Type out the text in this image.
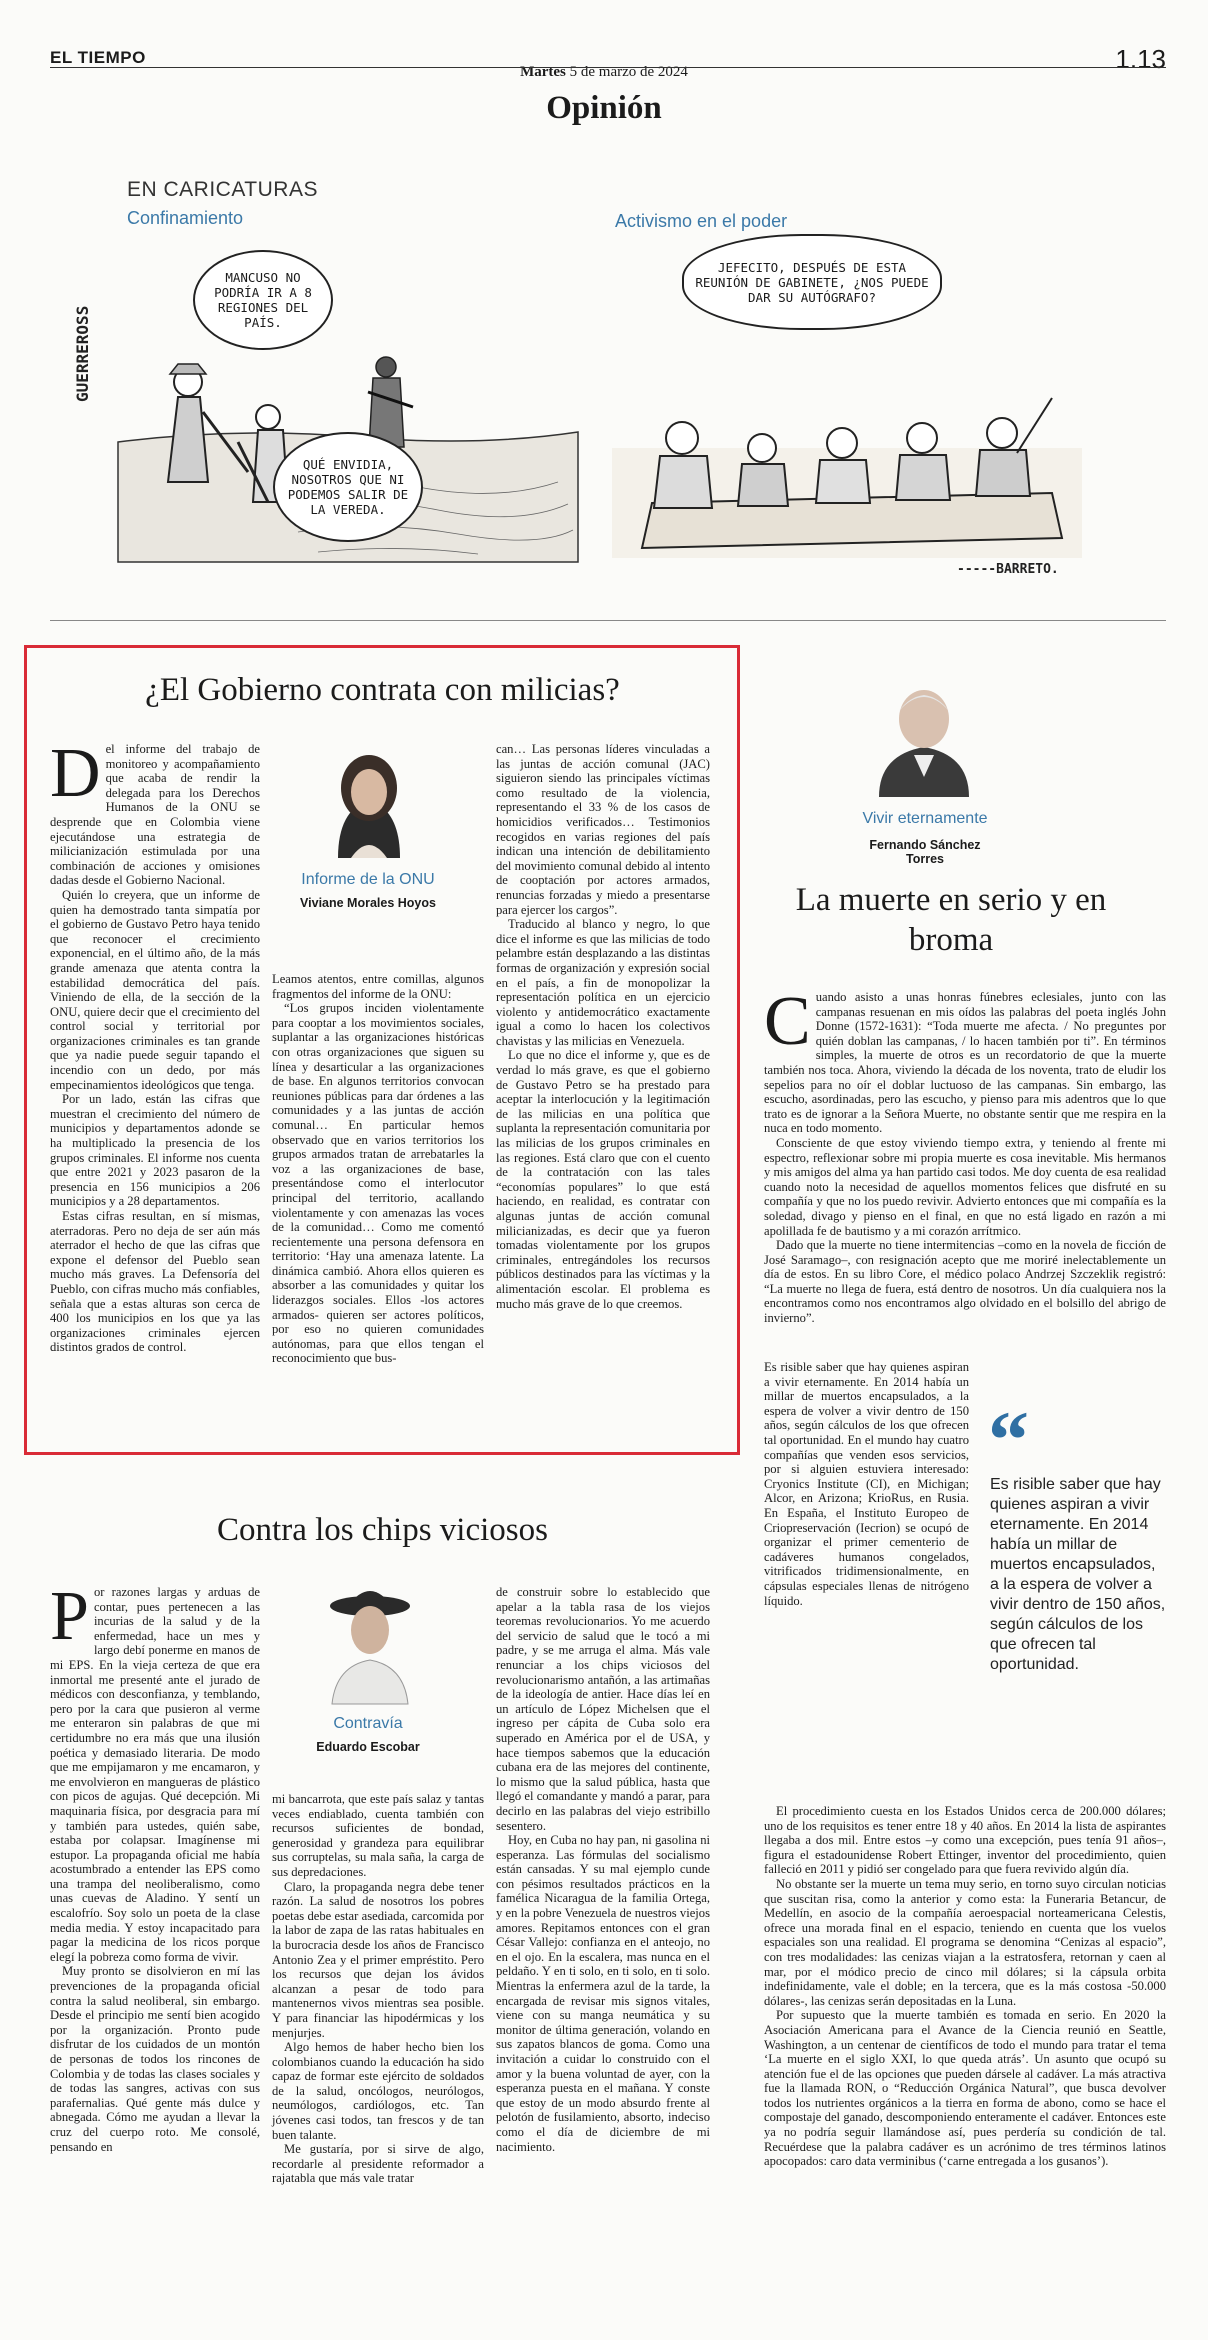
EL TIEMPO
Martes 5 de marzo de 2024	1.13
Opinión
EN CARICATURAS
Confinamiento	Activismo en el poder
GUERREROSS
MANCUSO NO PODRÍA IR A 8 REGIONES DEL PAÍS.
QUÉ ENVIDIA, NOSOTROS QUE NI PODEMOS SALIR DE LA VEREDA.
-----BARRETO.
JEFECITO, DESPUÉS DE ESTA REUNIÓN DE GABINETE, ¿NOS PUEDE DAR SU AUTÓGRAFO?
¿El Gobierno contrata con milicias?

Del informe del trabajo de monitoreo y acompañamiento que acaba de rendir la delegada para los Derechos Humanos de la ONU se desprende que en Colombia viene ejecutándose una estrategia de milicianización estimulada por una combinación de acciones y omisiones dadas desde el Gobierno Nacional.

Quién lo creyera, que un informe de quien ha demostrado tanta simpatía por el gobierno de Gustavo Petro haya tenido que reconocer el crecimiento exponencial, en el último año, de la más grande amenaza que atenta contra la estabilidad democrática del país. Viniendo de ella, de la sección de la ONU, quiere decir que el crecimiento del control social y territorial por organizaciones criminales es tan grande que ya nadie puede seguir tapando el incendio con un dedo, por más empecinamientos ideológicos que tenga.

Por un lado, están las cifras que muestran el crecimiento del número de municipios y departamentos adonde se ha multiplicado la presencia de los grupos criminales. El informe nos cuenta que entre 2021 y 2023 pasaron de la presencia en 156 municipios a 206 municipios y a 28 departamentos.

Estas cifras resultan, en sí mismas, aterradoras. Pero no deja de ser aún más aterrador el hecho de que las cifras que expone el defensor del Pueblo sean mucho más graves. La Defensoría del Pueblo, con cifras mucho más confiables, señala que a estas alturas son cerca de 400 los municipios en los que ya las organizaciones criminales ejercen distintos grados de control.

Informe de la ONU
Viviane Morales Hoyos

Leamos atentos, entre comillas, algunos fragmentos del informe de la ONU:

“Los grupos inciden violentamente para cooptar a los movimientos sociales, suplantar a las organizaciones históricas con otras organizaciones que siguen su línea y desarticular a las organizaciones de base. En algunos territorios convocan reuniones públicas para dar órdenes a las comunidades y a las juntas de acción comunal… En particular hemos observado que en varios territorios los grupos armados tratan de arrebatarles la voz a las organizaciones de base, presentándose como el interlocutor principal del territorio, acallando violentamente y con amenazas las voces de la comunidad… Como me comentó recientemente una persona defensora en territorio: ‘Hay una amenaza latente. La dinámica cambió. Ahora ellos quieren es absorber a las comunidades y quitar los liderazgos sociales. Ellos -los actores armados- quieren ser actores políticos, por eso no quieren comunidades autónomas, para que ellos tengan el reconocimiento que bus-

can… Las personas líderes vinculadas a las juntas de acción comunal (JAC) siguieron siendo las principales víctimas como resultado de la violencia, representando el 33 % de los casos de homicidios verificados… Testimonios recogidos en varias regiones del país indican una intención de debilitamiento del movimiento comunal debido al intento de cooptación por actores armados, renuncias forzadas y miedo a presentarse para ejercer los cargos”.

Traducido al blanco y negro, lo que dice el informe es que las milicias de todo pelambre están desplazando a las distintas formas de organización y expresión social en el país, a fin de monopolizar la representación política en un ejercicio violento y antidemocrático exactamente igual a como lo hacen los colectivos chavistas y las milicias en Venezuela.

Lo que no dice el informe y, que es de verdad lo más grave, es que el gobierno de Gustavo Petro se ha prestado para aceptar la interlocución y la legitimación de las milicias en una política que suplanta la representación comunitaria por las milicias de los grupos criminales en las regiones. Está claro que con el cuento de la contratación con las tales “economías populares” lo que está haciendo, en realidad, es contratar con algunas juntas de acción comunal milicianizadas, es decir que ya fueron tomadas violentamente por los grupos criminales, entregándoles los recursos públicos destinados para las víctimas y la alimentación escolar. El problema es mucho más grave de lo que creemos.

Vivir eternamente
Fernando Sánchez Torres
La muerte en serio y en broma

Cuando asisto a unas honras fúnebres eclesiales, junto con las campanas resuenan en mis oídos las palabras del poeta inglés John Donne (1572-1631): “Toda muerte me afecta. / No preguntes por quién doblan las campanas, / lo hacen también por ti”. En términos simples, la muerte de otros es un recordatorio de que la muerte también nos toca. Ahora, viviendo la década de los noventa, trato de eludir los sepelios para no oír el doblar luctuoso de las campanas. Sin embargo, las escucho, asordinadas, pero las escucho, y pienso para mis adentros que lo que trato es de ignorar a la Señora Muerte, no obstante sentir que me respira en la nuca en todo momento.

Consciente de que estoy viviendo tiempo extra, y teniendo al frente mi espectro, reflexionar sobre mi propia muerte es cosa inevitable. Mis hermanos y mis amigos del alma ya han partido casi todos. Me doy cuenta de esa realidad cuando noto la necesidad de aquellos momentos felices que disfruté en su compañía y que no los puedo revivir. Advierto entonces que mi compañía es la soledad, divago y pienso en el final, en que no está ligado en razón a mi apolillada fe de bautismo y a mi corazón arrítmico.

Dado que la muerte no tiene intermitencias –como en la novela de ficción de José Saramago–, con resignación acepto que me moriré inelectablemente un día de estos. En su libro Core, el médico polaco Andrzej Szczeklik registró: “La muerte no llega de fuera, está dentro de nosotros. Un día cualquiera nos la encontramos como nos encontramos algo olvidado en el bolsillo del abrigo de invierno”.

Es risible saber que hay quienes aspiran a vivir eternamente. En 2014 había un millar de muertos encapsulados, a la espera de volver a vivir dentro de 150 años, según cálculos de los que ofrecen tal oportunidad. En el mundo hay cuatro compañías que venden esos servicios, por si alguien estuviera interesado: Cryonics Institute (CI), en Michigan; Alcor, en Arizona; KrioRus, en Rusia. En España, el Instituto Europeo de Criopreservación (Iecrion) se ocupó de organizar el primer cementerio de cadáveres humanos congelados, vitrificados tridimensionalmente, en cápsulas especiales llenas de nitrógeno líquido.

“
Es risible saber que hay quienes aspiran a vivir eternamente. En 2014 había un millar de muertos encapsulados, a la espera de volver a vivir dentro de 150 años, según cálculos de los que ofrecen tal oportunidad.

El procedimiento cuesta en los Estados Unidos cerca de 200.000 dólares; uno de los requisitos es tener entre 18 y 40 años. En 2014 la lista de aspirantes llegaba a dos mil. Entre estos –y como una excepción, pues tenía 91 años–, figura el estadounidense Robert Ettinger, inventor del procedimiento, quien falleció en 2011 y pidió ser congelado para que fuera revivido algún día.

No obstante ser la muerte un tema muy serio, en torno suyo circulan noticias que suscitan risa, como la anterior y como esta: la Funeraria Betancur, de Medellín, en asocio de la compañía aeroespacial norteamericana Celestis, ofrece una morada final en el espacio, teniendo en cuenta que los vuelos espaciales son una realidad. El programa se denomina “Cenizas al espacio”, con tres modalidades: las cenizas viajan a la estratosfera, retornan y caen al mar, por el módico precio de cinco mil dólares; si la cápsula orbita indefinidamente, vale el doble; en la tercera, que es la más costosa -50.000 dólares-, las cenizas serán depositadas en la Luna.

Por supuesto que la muerte también es tomada en serio. En 2020 la Asociación Americana para el Avance de la Ciencia reunió en Seattle, Washington, a un centenar de científicos de todo el mundo para tratar el tema ‘La muerte en el siglo XXI, lo que queda atrás’. Un asunto que ocupó su atención fue el de las opciones que pueden dársele al cadáver. La más atractiva fue la llamada RON, o “Reducción Orgánica Natural”, que busca devolver todos los nutrientes orgánicos a la tierra en forma de abono, como se hace el compostaje del ganado, descomponiendo enteramente el cadáver. Entonces este ya no podría seguir llamándose así, pues perdería su condición de tal. Recuérdese que la palabra cadáver es un acrónimo de tres términos latinos apocopados: caro data verminibus (‘carne entregada a los gusanos’).

Contra los chips viciosos

Por razones largas y arduas de contar, pues pertenecen a las incurias de la salud y de la enfermedad, hace un mes y largo debí ponerme en manos de mi EPS. En la vieja certeza de que era inmortal me presenté ante el jurado de médicos con desconfianza, y temblando, pero por la cara que pusieron al verme me enteraron sin palabras de que mi certidumbre no era más que una ilusión poética y demasiado literaria. De modo que me empijamaron y me encamaron, y me envolvieron en mangueras de plástico con picos de agujas. Qué decepción. Mi maquinaria física, por desgracia para mí y también para ustedes, quién sabe, estaba por colapsar. Imagínense mi estupor. La propaganda oficial me había acostumbrado a entender las EPS como una trampa del neoliberalismo, como unas cuevas de Aladino. Y sentí un escalofrío. Soy solo un poeta de la clase media media. Y estoy incapacitado para pagar la medicina de los ricos porque elegí la pobreza como forma de vivir.

Muy pronto se disolvieron en mí las prevenciones de la propaganda oficial contra la salud neoliberal, sin embargo. Desde el principio me sentí bien acogido por la organización. Pronto pude disfrutar de los cuidados de un montón de personas de todos los rincones de Colombia y de todas las clases sociales y de todas las sangres, activas con sus parafernalias. Qué gente más dulce y abnegada. Cómo me ayudan a llevar la cruz del cuerpo roto. Me consolé, pensando en

Contravía
Eduardo Escobar

mi bancarrota, que este país salaz y tantas veces endiablado, cuenta también con recursos suficientes de bondad, generosidad y grandeza para equilibrar sus corruptelas, su mala saña, la carga de sus depredaciones.

Claro, la propaganda negra debe tener razón. La salud de nosotros los pobres poetas debe estar asediada, carcomida por la labor de zapa de las ratas habituales en la burocracia desde los años de Francisco Antonio Zea y el primer empréstito. Pero los recursos que dejan los ávidos alcanzan a pesar de todo para mantenernos vivos mientras sea posible. Y para financiar las hipodérmicas y los menjurjes.

Algo hemos de haber hecho bien los colombianos cuando la educación ha sido capaz de formar este ejército de soldados de la salud, oncólogos, neurólogos, neumólogos, cardiólogos, etc. Tan jóvenes casi todos, tan frescos y de tan buen talante.

Me gustaría, por si sirve de algo, recordarle al presidente reformador a rajatabla que más vale tratar

de construir sobre lo establecido que apelar a la tabla rasa de los viejos teoremas revolucionarios. Yo me acuerdo del servicio de salud que le tocó a mi padre, y se me arruga el alma. Más vale renunciar a los chips viciosos del revolucionarismo antañón, a las artimañas de la ideología de antier. Hace días leí en un artículo de López Michelsen que el ingreso per cápita de Cuba solo era superado en América por el de USA, y hace tiempos sabemos que la educación cubana era de las mejores del continente, lo mismo que la salud pública, hasta que llegó el comandante y mandó a parar, para decirlo en las palabras del viejo estribillo sesentero.

Hoy, en Cuba no hay pan, ni gasolina ni esperanza. Las fórmulas del socialismo están cansadas. Y su mal ejemplo cunde con pésimos resultados prácticos en la famélica Nicaragua de la familia Ortega, y en la pobre Venezuela de nuestros viejos amores. Repitamos entonces con el gran César Vallejo: confianza en el anteojo, no en el ojo. En la escalera, mas nunca en el peldaño. Y en ti solo, en ti solo, en ti solo. Mientras la enfermera azul de la tarde, la encargada de revisar mis signos vitales, viene con su manga neumática y su monitor de última generación, volando en sus zapatos blancos de goma. Como una invitación a cuidar lo construido con el amor y la buena voluntad de ayer, con la esperanza puesta en el mañana. Y conste que estoy de un modo absurdo frente al pelotón de fusilamiento, absorto, indeciso como el día de diciembre de mi nacimiento.
